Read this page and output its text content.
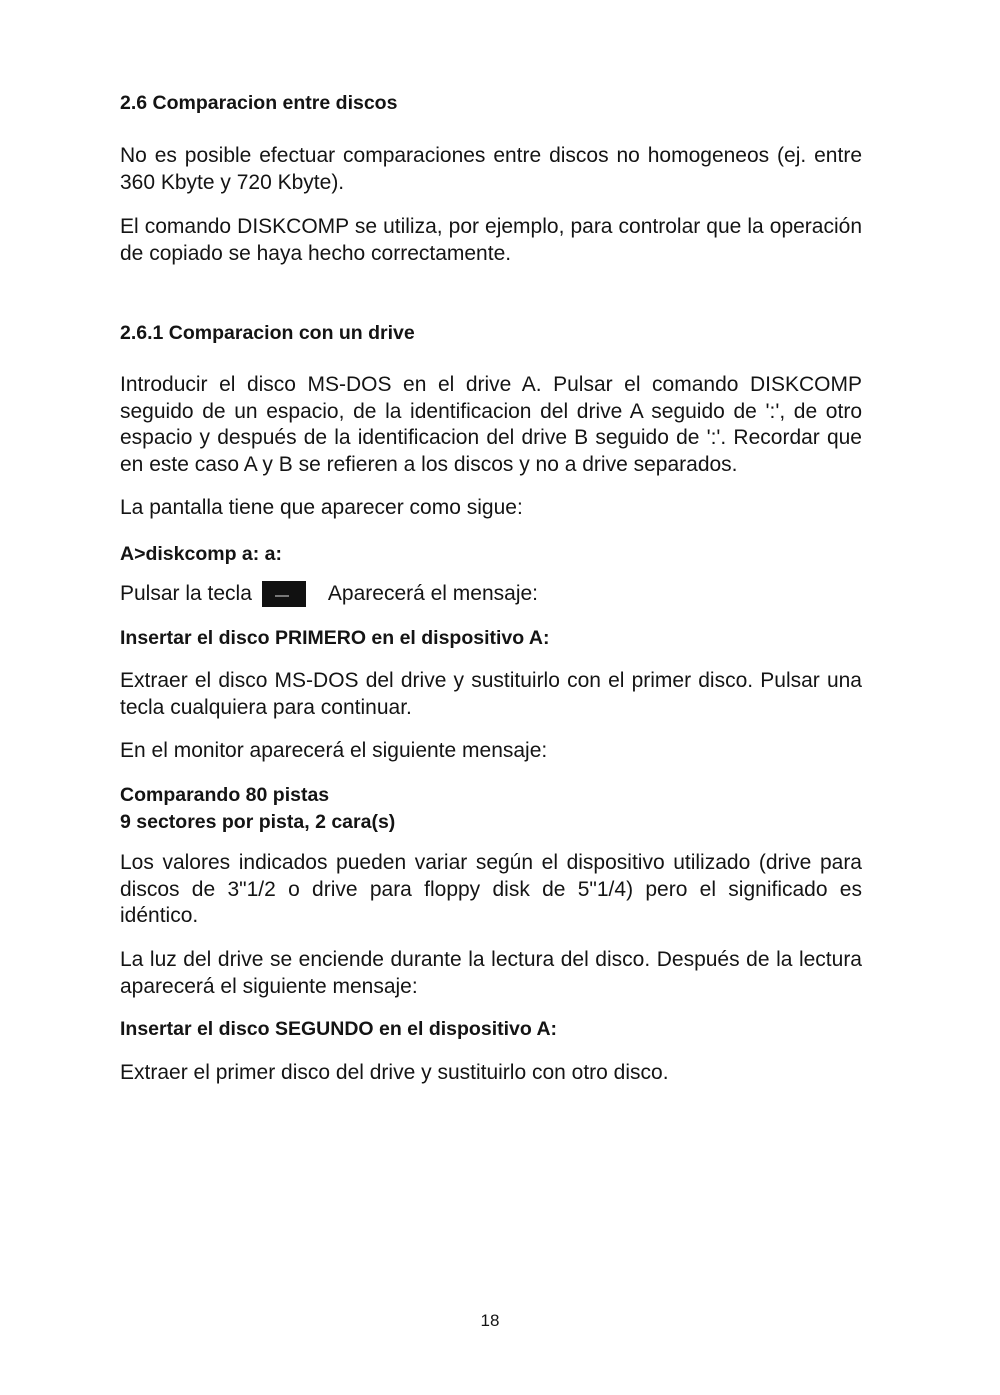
2.6 Comparacion entre discos

No es posible efectuar comparaciones entre discos no homogeneos (ej. entre 360 Kbyte y 720 Kbyte).

El comando DISKCOMP se utiliza, por ejemplo, para controlar que la operación de copiado se haya hecho correctamente.

2.6.1 Comparacion con un drive

Introducir el disco MS-DOS en el drive A. Pulsar el comando DISKCOMP seguido de un espacio, de la identificacion del drive A seguido de ':', de otro espacio y después de la identificacion del drive B seguido de ':'. Recordar que en este caso A y B se refieren a los discos y no a drive separados.

La pantalla tiene que aparecer como sigue:

A>diskcomp a: a:

Pulsar la tecla	Aparecerá el mensaje:

Insertar el disco PRIMERO en el dispositivo A:

Extraer el disco MS-DOS del drive y sustituirlo con el primer disco. Pulsar una tecla cualquiera para continuar.

En el monitor aparecerá el siguiente mensaje:

Comparando 80 pistas
9 sectores por pista, 2 cara(s)

Los valores indicados pueden variar según el dispositivo utilizado (drive para discos de 3"1/2 o drive para floppy disk de 5"1/4) pero el significado es idéntico.

La luz del drive se enciende durante la lectura del disco. Después de la lectura aparecerá el siguiente mensaje:

Insertar el disco SEGUNDO en el dispositivo A:

Extraer el primer disco del drive y sustituirlo con otro disco.

18
